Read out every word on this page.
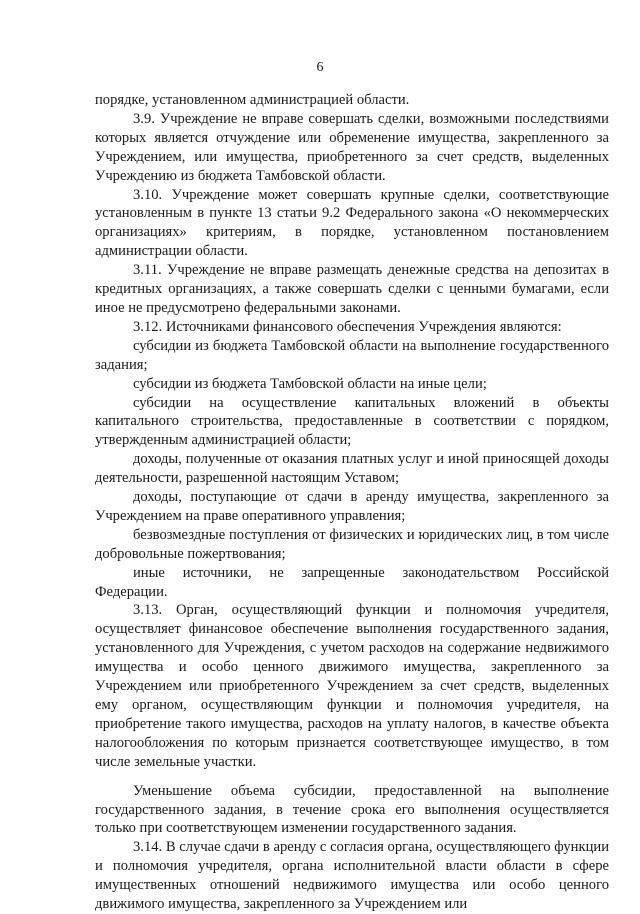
6

порядке, установленном администрацией области.

3.9. Учреждение не вправе совершать сделки, возможными последствиями которых является отчуждение или обременение имущества, закрепленного за Учреждением, или имущества, приобретенного за счет средств, выделенных Учреждению из бюджета Тамбовской области.

3.10. Учреждение может совершать крупные сделки, соответствующие установленным в пункте 13 статьи 9.2 Федерального закона «О некоммерческих организациях» критериям, в порядке, установленном постановлением администрации области.

3.11. Учреждение не вправе размещать денежные средства на депозитах в кредитных организациях, а также совершать сделки с ценными бумагами, если иное не предусмотрено федеральными законами.

3.12. Источниками финансового обеспечения Учреждения являются:

субсидии из бюджета Тамбовской области на выполнение государственного задания;

субсидии из бюджета Тамбовской области на иные цели;

субсидии на осуществление капитальных вложений в объекты капитального строительства, предоставленные в соответствии с порядком, утвержденным администрацией области;

доходы, полученные от оказания платных услуг и иной приносящей доходы деятельности, разрешенной настоящим Уставом;

доходы, поступающие от сдачи в аренду имущества, закрепленного за Учреждением на праве оперативного управления;

безвозмездные поступления от физических и юридических лиц, в том числе добровольные пожертвования;

иные источники, не запрещенные законодательством Российской Федерации.

3.13. Орган, осуществляющий функции и полномочия учредителя, осуществляет финансовое обеспечение выполнения государственного задания, установленного для Учреждения, с учетом расходов на содержание недвижимого имущества и особо ценного движимого имущества, закрепленного за Учреждением или приобретенного Учреждением за счет средств, выделенных ему органом, осуществляющим функции и полномочия учредителя, на приобретение такого имущества, расходов на уплату налогов, в качестве объекта налогообложения по которым признается соответствующее имущество, в том числе земельные участки.

Уменьшение объема субсидии, предоставленной на выполнение государственного задания, в течение срока его выполнения осуществляется только при соответствующем изменении государственного задания.

3.14. В случае сдачи в аренду с согласия органа, осуществляющего функции и полномочия учредителя, органа исполнительной власти области в сфере имущественных отношений недвижимого имущества или особо ценного движимого имущества, закрепленного за Учреждением или
